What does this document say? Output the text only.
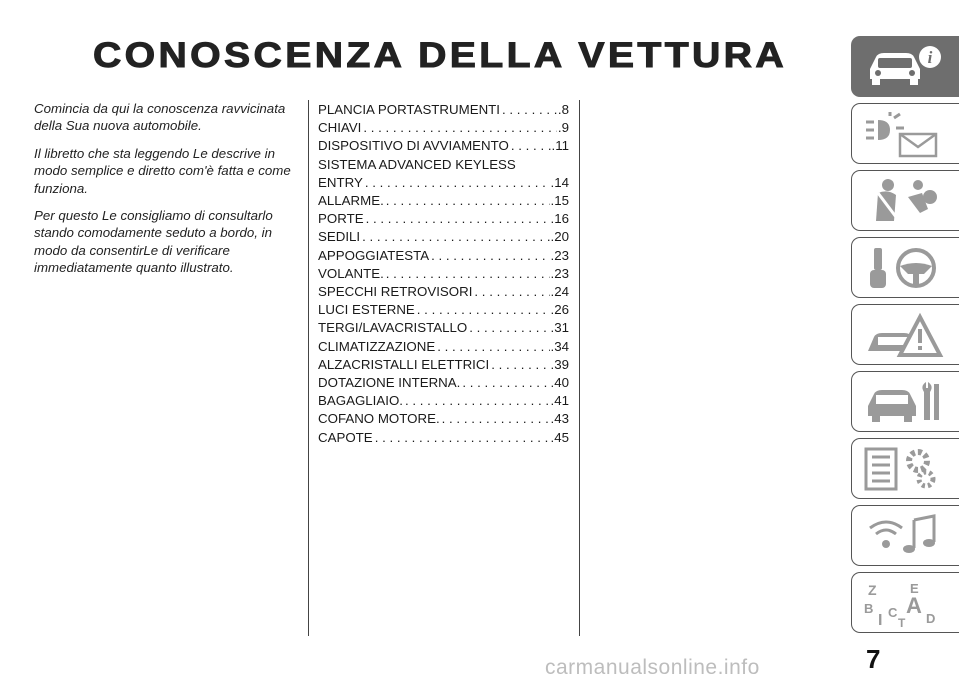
CONOSCENZA DELLA VETTURA

Comincia da qui la conoscenza ravvicinata della Sua nuova automobile.

Il libretto che sta leggendo Le descrive in modo semplice e diretto com'è fatta e come funziona.

Per questo Le consigliamo di consultarlo stando comodamente seduto a bordo, in modo da consentirLe di verificare immediatamente quanto illustrato.

PLANCIA PORTASTRUMENTI . . .	.8
CHIAVI . . .	.9
DISPOSITIVO DI AVVIAMENTO . . .	.11
SISTEMA ADVANCED KEYLESS
ENTRY . . .	.14
ALLARME. . . .	.15
PORTE . . .	.16
SEDILI . . .	.20
APPOGGIATESTA . . .	.23
VOLANTE. . . .	.23
SPECCHI RETROVISORI . . .	.24
LUCI ESTERNE . . .	.26
TERGI/LAVACRISTALLO . . .	.31
CLIMATIZZAZIONE . . .	.34
ALZACRISTALLI ELETTRICI . . .	.39
DOTAZIONE INTERNA. . . .	.40
BAGAGLIAIO. . . .	.41
COFANO MOTORE. . . .	.43
CAPOTE . . .	.45
i
Z	E
B A
I C D
T
7
carmanualsonline.info
